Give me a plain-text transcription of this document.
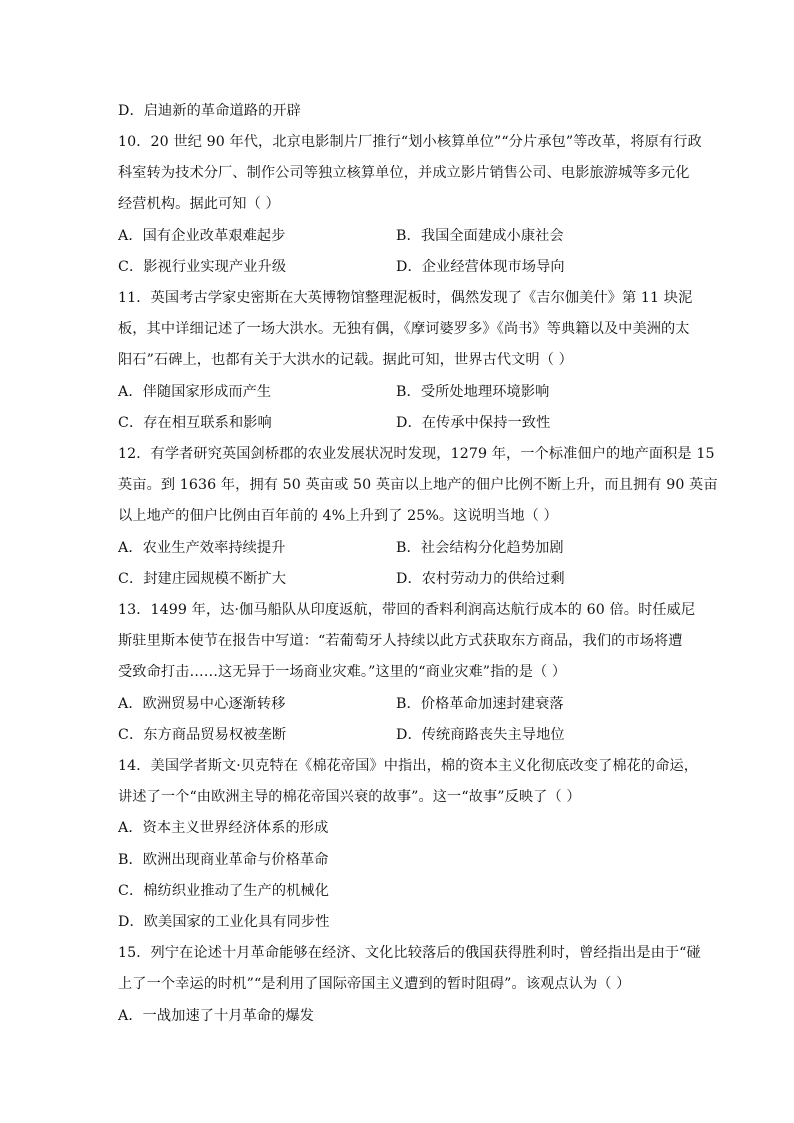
D．启迪新的革命道路的开辟
10．20 世纪 90 年代，北京电影制片厂推行“划小核算单位”“分片承包”等改革，将原有行政
科室转为技术分厂、制作公司等独立核算单位，并成立影片销售公司、电影旅游城等多元化
经营机构。据此可知（ ）
A．国有企业改革艰难起步	B．我国全面建成小康社会
C．影视行业实现产业升级	D．企业经营体现市场导向
11．英国考古学家史密斯在大英博物馆整理泥板时，偶然发现了《吉尔伽美什》第 11 块泥
板，其中详细记述了一场大洪水。无独有偶，《摩诃婆罗多》《尚书》等典籍以及中美洲的太
阳石”石碑上，也都有关于大洪水的记载。据此可知，世界古代文明（ ）
A．伴随国家形成而产生	B．受所处地理环境影响
C．存在相互联系和影响	D．在传承中保持一致性
12．有学者研究英国剑桥郡的农业发展状况时发现，1279 年，一个标准佃户的地产面积是 15
英亩。到 1636 年，拥有 50 英亩或 50 英亩以上地产的佃户比例不断上升，而且拥有 90 英亩
以上地产的佃户比例由百年前的 4%上升到了 25%。这说明当地（ ）
A．农业生产效率持续提升	B．社会结构分化趋势加剧
C．封建庄园规模不断扩大	D．农村劳动力的供给过剩
13．1499 年，达·伽马船队从印度返航，带回的香料利润高达航行成本的 60 倍。时任威尼
斯驻里斯本使节在报告中写道：“若葡萄牙人持续以此方式获取东方商品，我们的市场将遭
受致命打击……这无异于一场商业灾难。”这里的“商业灾难”指的是（ ）
A．欧洲贸易中心逐渐转移	B．价格革命加速封建衰落
C．东方商品贸易权被垄断	D．传统商路丧失主导地位
14．美国学者斯文·贝克特在《棉花帝国》中指出，棉的资本主义化彻底改变了棉花的命运，
讲述了一个“由欧洲主导的棉花帝国兴衰的故事”。这一“故事”反映了（ ）
A．资本主义世界经济体系的形成
B．欧洲出现商业革命与价格革命
C．棉纺织业推动了生产的机械化
D．欧美国家的工业化具有同步性
15．列宁在论述十月革命能够在经济、文化比较落后的俄国获得胜利时，曾经指出是由于“碰
上了一个幸运的时机”“是利用了国际帝国主义遭到的暂时阻碍”。该观点认为（ ）
A．一战加速了十月革命的爆发
